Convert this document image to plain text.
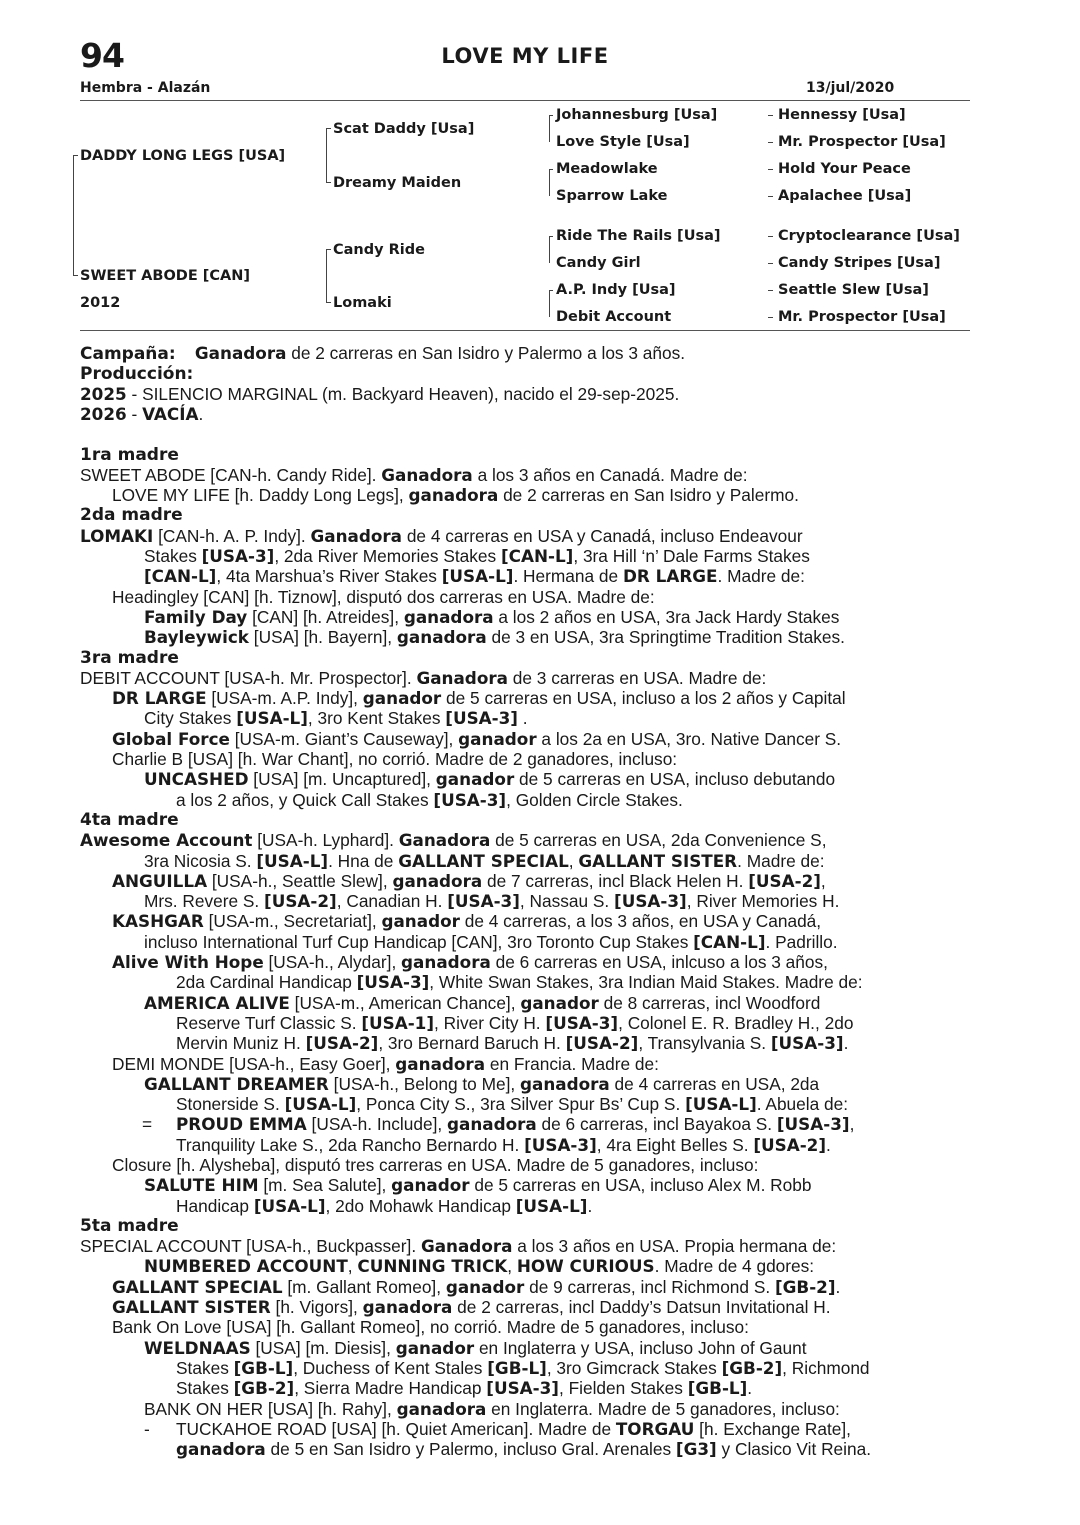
94	LOVE MY LIFE
Hembra - Alazán	13/jul/2020
DADDY LONG LEGS [USA]
SWEET ABODE [CAN]
2012
Scat Daddy [Usa]
Dreamy Maiden
Candy Ride
Lomaki
Johannesburg [Usa]
Love Style [Usa]
Meadowlake
Sparrow Lake
Ride The Rails [Usa]
Candy Girl
A.P. Indy [Usa]
Debit Account
Hennessy [Usa]
Mr. Prospector [Usa]
Hold Your Peace
Apalachee [Usa]
Cryptoclearance [Usa]
Candy Stripes [Usa]
Seattle Slew [Usa]
Mr. Prospector [Usa]
Campaña: Ganadora de 2 carreras en San Isidro y Palermo a los 3 años.
Producción:
2025 - SILENCIO MARGINAL (m. Backyard Heaven), nacido el 29-sep-2025.
2026 - VACÍA.
1ra madre
SWEET ABODE [CAN-h. Candy Ride]. Ganadora a los 3 años en Canadá. Madre de:
LOVE MY LIFE [h. Daddy Long Legs], ganadora de 2 carreras en San Isidro y Palermo.
2da madre
LOMAKI [CAN-h. A. P. Indy]. Ganadora de 4 carreras en USA y Canadá, incluso Endeavour
Stakes [USA-3], 2da River Memories Stakes [CAN-L], 3ra Hill ‘n’ Dale Farms Stakes
[CAN-L], 4ta Marshua’s River Stakes [USA-L]. Hermana de DR LARGE. Madre de:
Headingley [CAN] [h. Tiznow], disputó dos carreras en USA. Madre de:
Family Day [CAN] [h. Atreides], ganadora a los 2 años en USA, 3ra Jack Hardy Stakes
Bayleywick [USA] [h. Bayern], ganadora de 3 en USA, 3ra Springtime Tradition Stakes.
3ra madre
DEBIT ACCOUNT [USA-h. Mr. Prospector]. Ganadora de 3 carreras en USA. Madre de:
DR LARGE [USA-m. A.P. Indy], ganador de 5 carreras en USA, incluso a los 2 años y Capital
City Stakes [USA-L], 3ro Kent Stakes [USA-3] .
Global Force [USA-m. Giant’s Causeway], ganador a los 2a en USA, 3ro. Native Dancer S.
Charlie B [USA] [h. War Chant], no corrió. Madre de 2 ganadores, incluso:
UNCASHED [USA] [m. Uncaptured], ganador de 5 carreras en USA, incluso debutando
a los 2 años, y Quick Call Stakes [USA-3], Golden Circle Stakes.
4ta madre
Awesome Account [USA-h. Lyphard]. Ganadora de 5 carreras en USA, 2da Convenience S,
3ra Nicosia S. [USA-L]. Hna de GALLANT SPECIAL, GALLANT SISTER. Madre de:
ANGUILLA [USA-h., Seattle Slew], ganadora de 7 carreras, incl Black Helen H. [USA-2],
Mrs. Revere S. [USA-2], Canadian H. [USA-3], Nassau S. [USA-3], River Memories H.
KASHGAR [USA-m., Secretariat], ganador de 4 carreras, a los 3 años, en USA y Canadá,
incluso International Turf Cup Handicap [CAN], 3ro Toronto Cup Stakes [CAN-L]. Padrillo.
Alive With Hope [USA-h., Alydar], ganadora de 6 carreras en USA, inlcuso a los 3 años,
2da Cardinal Handicap [USA-3], White Swan Stakes, 3ra Indian Maid Stakes. Madre de:
AMERICA ALIVE [USA-m., American Chance], ganador de 8 carreras, incl Woodford
Reserve Turf Classic S. [USA-1], River City H. [USA-3], Colonel E. R. Bradley H., 2do
Mervin Muniz H. [USA-2], 3ro Bernard Baruch H. [USA-2], Transylvania S. [USA-3].
DEMI MONDE [USA-h., Easy Goer], ganadora en Francia. Madre de:
GALLANT DREAMER [USA-h., Belong to Me], ganadora de 4 carreras en USA, 2da
Stonerside S. [USA-L], Ponca City S., 3ra Silver Spur Bs’ Cup S. [USA-L]. Abuela de:
= PROUD EMMA [USA-h. Include], ganadora de 6 carreras, incl Bayakoa S. [USA-3],
Tranquility Lake S., 2da Rancho Bernardo H. [USA-3], 4ra Eight Belles S. [USA-2].
Closure [h. Alysheba], disputó tres carreras en USA. Madre de 5 ganadores, incluso:
SALUTE HIM [m. Sea Salute], ganador de 5 carreras en USA, incluso Alex M. Robb
Handicap [USA-L], 2do Mohawk Handicap [USA-L].
5ta madre
SPECIAL ACCOUNT [USA-h., Buckpasser]. Ganadora a los 3 años en USA. Propia hermana de:
NUMBERED ACCOUNT, CUNNING TRICK, HOW CURIOUS. Madre de 4 gdores:
GALLANT SPECIAL [m. Gallant Romeo], ganador de 9 carreras, incl Richmond S. [GB-2].
GALLANT SISTER [h. Vigors], ganadora de 2 carreras, incl Daddy’s Datsun Invitational H.
Bank On Love [USA] [h. Gallant Romeo], no corrió. Madre de 5 ganadores, incluso:
WELDNAAS [USA] [m. Diesis], ganador en Inglaterra y USA, incluso John of Gaunt
Stakes [GB-L], Duchess of Kent Stales [GB-L], 3ro Gimcrack Stakes [GB-2], Richmond
Stakes [GB-2], Sierra Madre Handicap [USA-3], Fielden Stakes [GB-L].
BANK ON HER [USA] [h. Rahy], ganadora en Inglaterra. Madre de 5 ganadores, incluso:
- TUCKAHOE ROAD [USA] [h. Quiet American]. Madre de TORGAU [h. Exchange Rate],
ganadora de 5 en San Isidro y Palermo, incluso Gral. Arenales [G3] y Clasico Vit Reina.
